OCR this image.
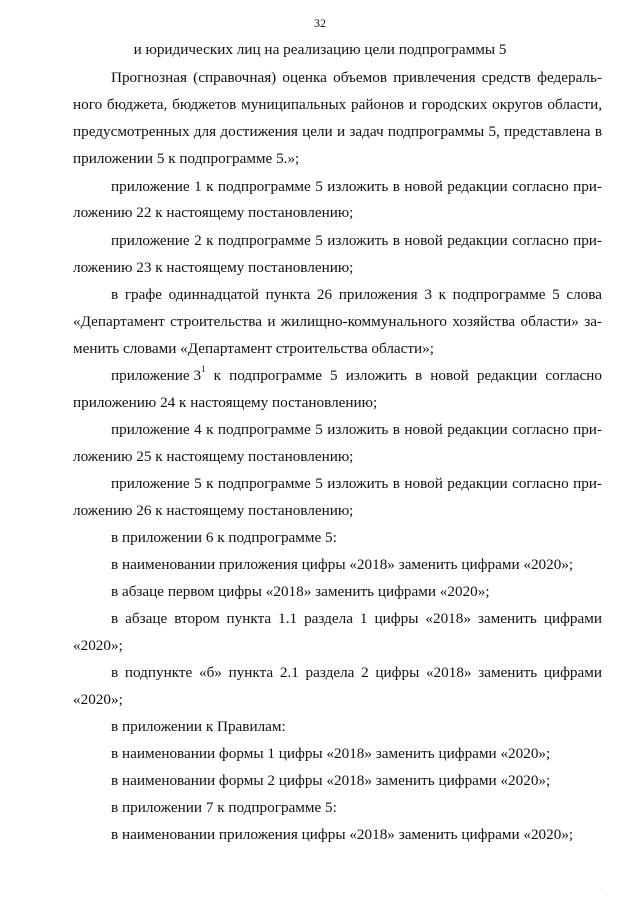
32

и юридических лиц на реализацию цели подпрограммы 5

Прогнозная (справочная) оценка объемов привлечения средств федераль-

ного бюджета, бюджетов муниципальных районов и городских округов области,

предусмотренных для достижения цели и задач подпрограммы 5, представлена в

приложении 5 к подпрограмме 5.»;

приложение 1 к подпрограмме 5 изложить в новой редакции согласно при-

ложению 22 к настоящему постановлению;

приложение 2 к подпрограмме 5 изложить в новой редакции согласно при-

ложению 23 к настоящему постановлению;

в графе одиннадцатой пункта 26 приложения 3 к подпрограмме 5 слова

«Департамент строительства и жилищно-коммунального хозяйства области» за-

менить словами «Департамент строительства области»;

приложение $3^1$ к подпрограмме 5 изложить в новой редакции согласно

приложению 24 к настоящему постановлению;

приложение 4 к подпрограмме 5 изложить в новой редакции согласно при-

ложению 25 к настоящему постановлению;

приложение 5 к подпрограмме 5 изложить в новой редакции согласно при-

ложению 26 к настоящему постановлению;

в приложении 6 к подпрограмме 5:

в наименовании приложения цифры «2018» заменить цифрами «2020»;

в абзаце первом цифры «2018» заменить цифрами «2020»;

в абзаце втором пункта 1.1 раздела 1 цифры «2018» заменить цифрами

«2020»;

в подпункте «б» пункта 2.1 раздела 2 цифры «2018» заменить цифрами

«2020»;

в приложении к Правилам:

в наименовании формы 1 цифры «2018» заменить цифрами «2020»;

в наименовании формы 2 цифры «2018» заменить цифрами «2020»;

в приложении 7 к подпрограмме 5:

в наименовании приложения цифры «2018» заменить цифрами «2020»;

.
